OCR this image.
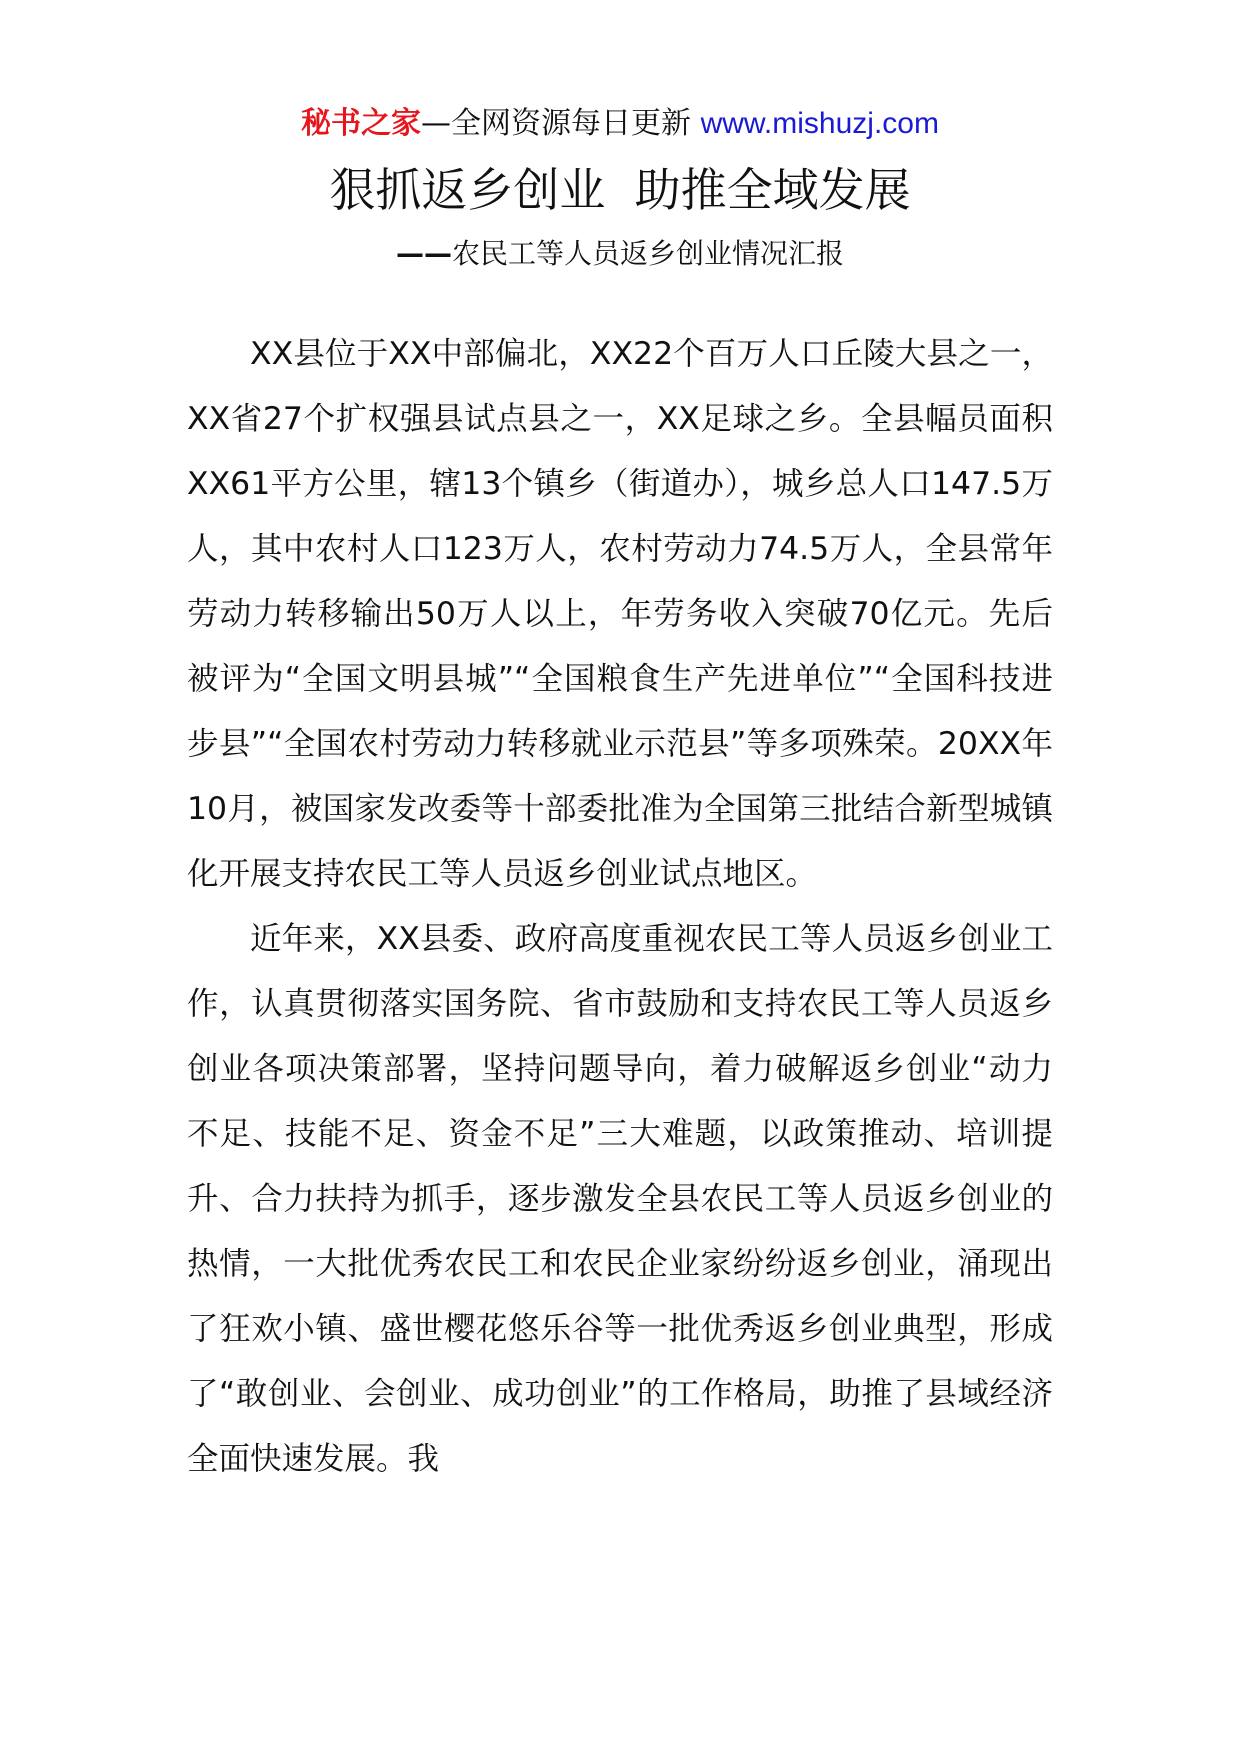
秘书之家—全网资源每日更新 www.mishuzj.com
狠抓返乡创业  助推全域发展
——农民工等人员返乡创业情况汇报

XX县位于XX中部偏北，XX22个百万人口丘陵大县之一，XX省27个扩权强县试点县之一，XX足球之乡。全县幅员面积XX61平方公里，辖13个镇乡（街道办），城乡总人口147.5万人，其中农村人口123万人，农村劳动力74.5万人，全县常年劳动力转移输出50万人以上，年劳务收入突破70亿元。先后被评为“全国文明县城”“全国粮食生产先进单位”“全国科技进步县”“全国农村劳动力转移就业示范县”等多项殊荣。20XX年10月，被国家发改委等十部委批准为全国第三批结合新型城镇化开展支持农民工等人员返乡创业试点地区。

近年来，XX县委、政府高度重视农民工等人员返乡创业工作，认真贯彻落实国务院、省市鼓励和支持农民工等人员返乡创业各项决策部署，坚持问题导向，着力破解返乡创业“动力不足、技能不足、资金不足”三大难题，以政策推动、培训提升、合力扶持为抓手，逐步激发全县农民工等人员返乡创业的热情，一大批优秀农民工和农民企业家纷纷返乡创业，涌现出了狂欢小镇、盛世樱花悠乐谷等一批优秀返乡创业典型，形成了“敢创业、会创业、成功创业”的工作格局，助推了县域经济全面快速发展。我
